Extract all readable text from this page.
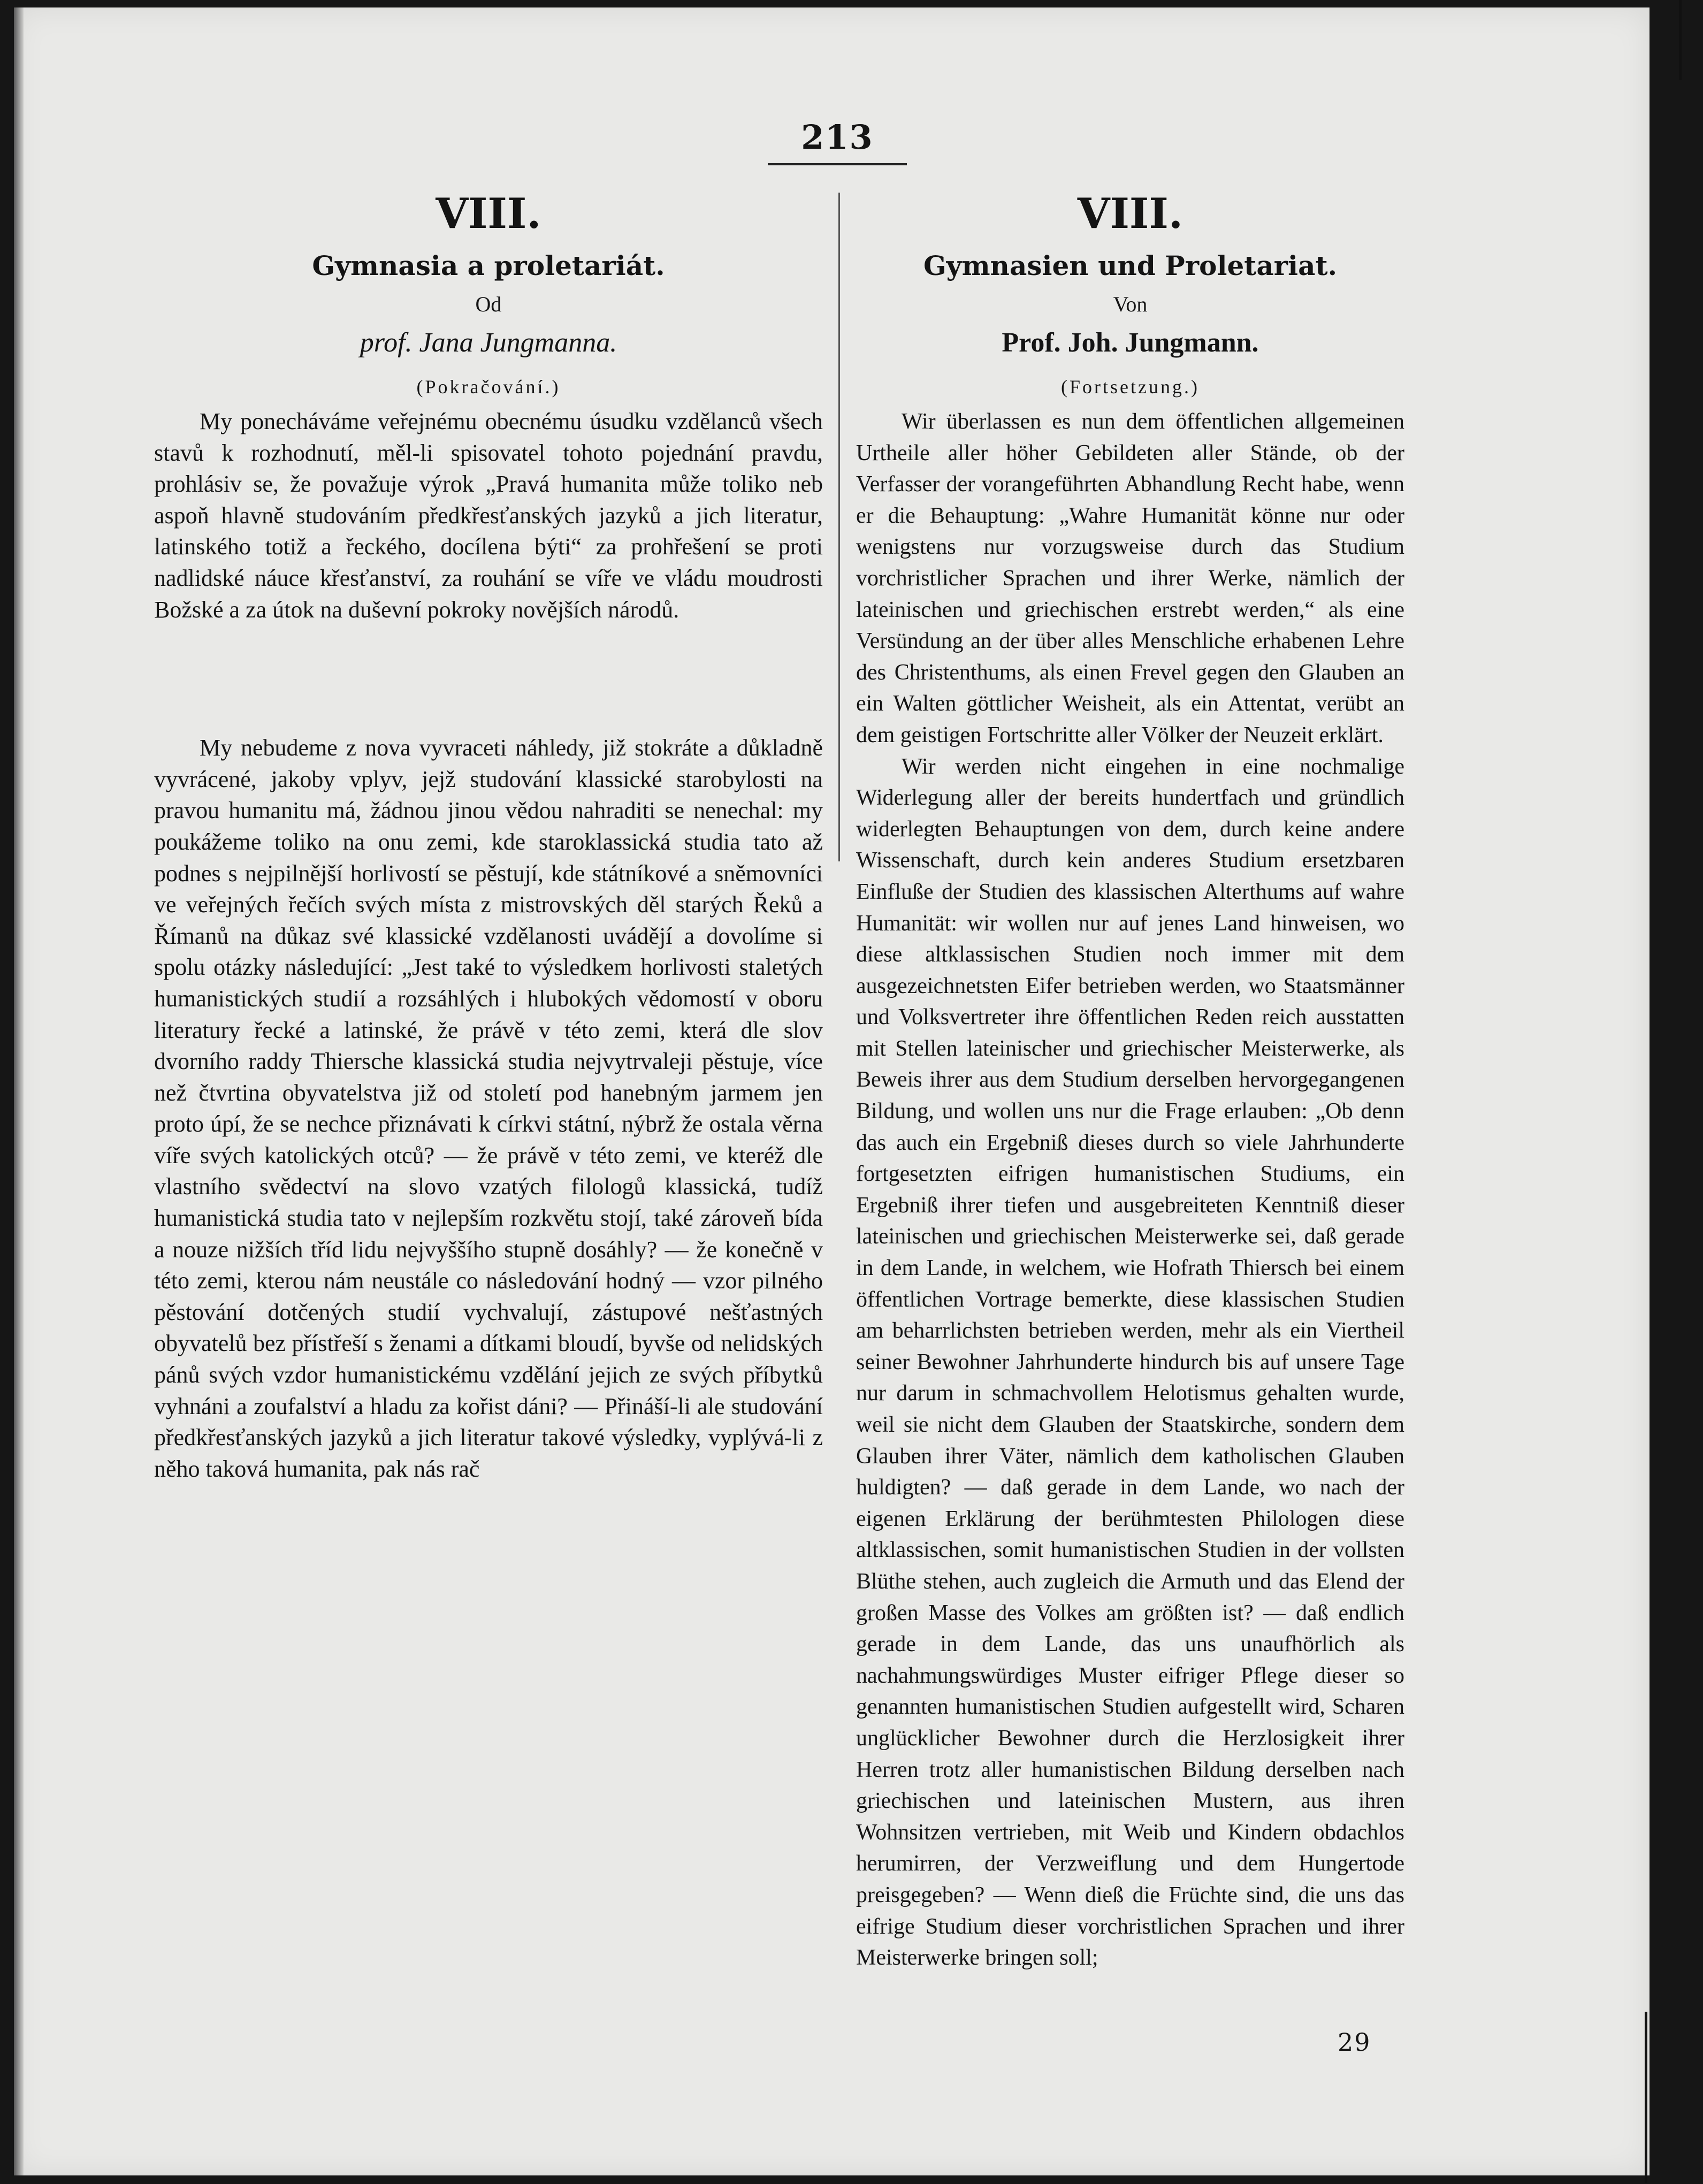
213

VIII.

Gymnasia a proletariát.

Od

prof. Jana Jungmanna.

(Pokračování.)

My ponecháváme veřejnému obecnému úsudku vzdělanců všech stavů k rozhodnutí, měl-li spisovatel tohoto pojednání pravdu, prohlásiv se, že považuje výrok „Pravá humanita může toliko neb aspoň hlavně studováním předkřesťanských jazyků a jich literatur, latinského totiž a řeckého, docílena býti“ za prohřešení se proti nadlidské náuce křesťanství, za rouhání se víře ve vládu moudrosti Božské a za útok na duševní pokroky novějších národů.

My nebudeme z nova vyvraceti náhledy, již stokráte a důkladně vyvrácené, jakoby vplyv, jejž studování klassické starobylosti na pravou humanitu má, žádnou jinou vědou nahraditi se nenechal: my poukážeme toliko na onu zemi, kde staroklassická studia tato až podnes s nejpilnější horlivostí se pěstují, kde státníkové a sněmovníci ve veřejných řečích svých místa z mistrovských děl starých Řeků a Římanů na důkaz své klassické vzdělanosti uvádějí a dovolíme si spolu otázky následující: „Jest také to výsledkem horlivosti staletých humanistických studií a rozsáhlých i hlubokých vědomostí v oboru literatury řecké a latinské, že právě v této zemi, která dle slov dvorního raddy Thiersche klassická studia nejvytrvaleji pěstuje, více než čtvrtina obyvatelstva již od století pod hanebným jarmem jen proto úpí, že se nechce přiznávati k církvi státní, nýbrž že ostala věrna víře svých katolických otců? — že právě v této zemi, ve kteréž dle vlastního svědectví na slovo vzatých filologů klassická, tudíž humanistická studia tato v nejlepším rozkvětu stojí, také zároveň bída a nouze nižších tříd lidu nejvyššího stupně dosáhly? — že konečně v této zemi, kterou nám neustále co následování hodný — vzor pilného pěstování dotčených studií vychvalují, zástupové nešťastných obyvatelů bez přístřeší s ženami a dítkami bloudí, byvše od nelidských pánů svých vzdor humanistickému vzdělání jejich ze svých příbytků vyhnáni a zoufalství a hladu za kořist dáni? — Přináší-li ale studování předkřesťanských jazyků a jich literatur takové výsledky, vyplývá-li z něho taková humanita, pak nás rač

VIII.

Gymnasien und Proletariat.

Von

Prof. Joh. Jungmann.

(Fortsetzung.)

Wir überlassen es nun dem öffentlichen allgemeinen Urtheile aller höher Gebildeten aller Stände, ob der Verfasser der vorangeführten Abhandlung Recht habe, wenn er die Behauptung: „Wahre Humanität könne nur oder wenigstens nur vorzugsweise durch das Studium vorchristlicher Sprachen und ihrer Werke, nämlich der lateinischen und griechischen erstrebt werden,“ als eine Versündung an der über alles Menschliche erhabenen Lehre des Christenthums, als einen Frevel gegen den Glauben an ein Walten göttlicher Weisheit, als ein Attentat, verübt an dem geistigen Fortschritte aller Völker der Neuzeit erklärt.

Wir werden nicht eingehen in eine nochmalige Widerlegung aller der bereits hundertfach und gründlich widerlegten Behauptungen von dem, durch keine andere Wissenschaft, durch kein anderes Studium ersetzbaren Einfluße der Studien des klassischen Alterthums auf wahre Humanität: wir wollen nur auf jenes Land hinweisen, wo diese altklassischen Studien noch immer mit dem ausgezeichnetsten Eifer betrieben werden, wo Staatsmänner und Volksvertreter ihre öffentlichen Reden reich ausstatten mit Stellen lateinischer und griechischer Meisterwerke, als Beweis ihrer aus dem Studium derselben hervorgegangenen Bildung, und wollen uns nur die Frage erlauben: „Ob denn das auch ein Ergebniß dieses durch so viele Jahrhunderte fortgesetzten eifrigen humanistischen Studiums, ein Ergebniß ihrer tiefen und ausgebreiteten Kenntniß dieser lateinischen und griechischen Meisterwerke sei, daß gerade in dem Lande, in welchem, wie Hofrath Thiersch bei einem öffentlichen Vortrage bemerkte, diese klassischen Studien am beharrlichsten betrieben werden, mehr als ein Viertheil seiner Bewohner Jahrhunderte hindurch bis auf unsere Tage nur darum in schmachvollem Helotismus gehalten wurde, weil sie nicht dem Glauben der Staatskirche, sondern dem Glauben ihrer Väter, nämlich dem katholischen Glauben huldigten? — daß gerade in dem Lande, wo nach der eigenen Erklärung der berühmtesten Philologen diese altklassischen, somit humanistischen Studien in der vollsten Blüthe stehen, auch zugleich die Armuth und das Elend der großen Masse des Volkes am größten ist? — daß endlich gerade in dem Lande, das uns unaufhörlich als nachahmungswürdiges Muster eifriger Pflege dieser so genannten humanistischen Studien aufgestellt wird, Scharen unglücklicher Bewohner durch die Herzlosigkeit ihrer Herren trotz aller humanistischen Bildung derselben nach griechischen und lateinischen Mustern, aus ihren Wohnsitzen vertrieben, mit Weib und Kindern obdachlos herumirren, der Verzweiflung und dem Hungertode preisgegeben? — Wenn dieß die Früchte sind, die uns das eifrige Studium dieser vorchristlichen Sprachen und ihrer Meisterwerke bringen soll;

29
